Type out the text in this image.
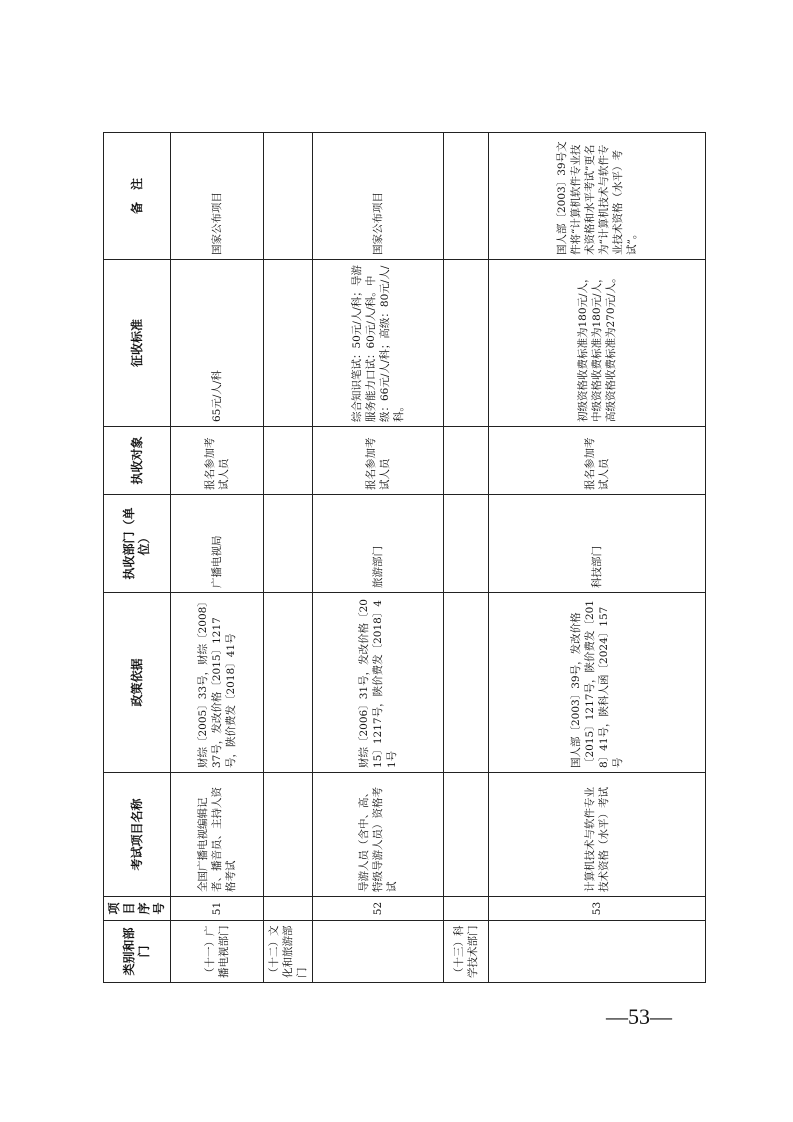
类别和部门	项目序号	考试项目名称	政策依据	执收部门（单位）	执收对象	征收标准	备　注
（十一）广播电视部门	51	全国广播电视编辑记者、播音员、主持人资格考试	财综〔2005〕33号，财综〔2008〕37号，发改价格〔2015〕1217号，陕价费发〔2018〕41号	广播电视局	报名参加考试人员	65元/人/科	国家公布项目
（十二）文化和旅游部门							
	52	导游人员（含中、高、特级导游人员）资格考试	财综〔2006〕31号，发改价格〔2015〕1217号，陕价费发〔2018〕41号	旅游部门	报名参加考试人员	综合知识笔试：50元/人/科；导游服务能力口试：60元/人/科。中级：66元/人/科；高级：80元/人/科。	国家公布项目
（十三）科学技术部门							
	53	计算机技术与软件专业技术资格（水平）考试	国人部〔2003〕39号，发改价格〔2015〕1217号，陕价费发〔2018〕41号，陕科人函〔2024〕157号	科技部门	报名参加考试人员	初级资格收费标准为180元/人，中级资格收费标准为180元/人，高级资格收费标准为270元/人。	国人部〔2003〕39号文件将“计算机软件专业技术资格和水平考试”更名为“计算机技术与软件专业技术资格（水平）考试”。
—53—
